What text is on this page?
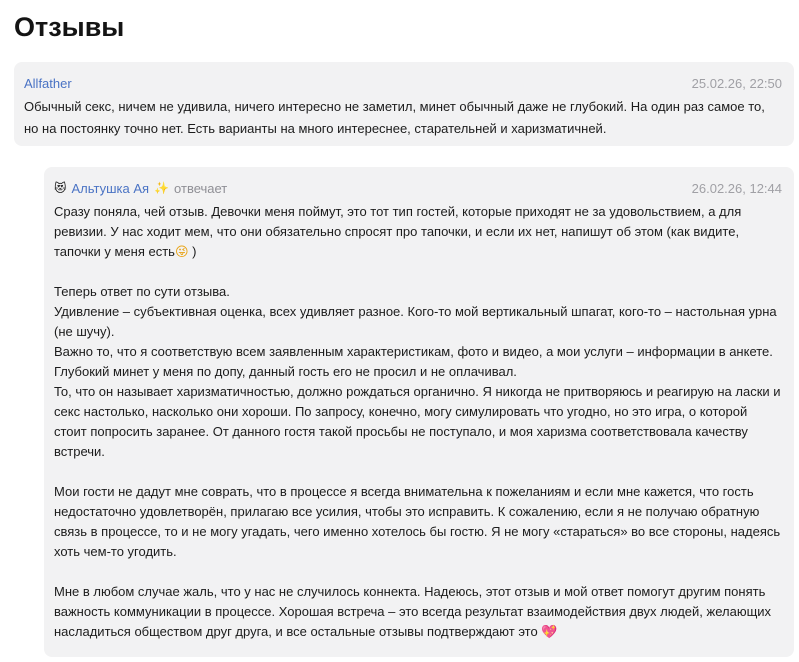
Отзывы
Allfather	25.02.26, 22:50
Обычный секс, ничем не удивила, ничего интересно не заметил, минет обычный даже не глубокий. На один раз самое то, но на постоянку точно нет. Есть варианты на много интереснее, старательней и харизматичней.
😻 Альтушка Ая ✨ отвечает	26.02.26, 12:44

Сразу поняла, чей отзыв. Девочки меня поймут, это тот тип гостей, которые приходят не за удовольствием, а для ревизии. У нас ходит мем, что они обязательно спросят про тапочки, и если их нет, напишут об этом (как видите, тапочки у меня есть😜 )

Теперь ответ по сути отзыва.

Удивление – субъективная оценка, всех удивляет разное. Кого-то мой вертикальный шпагат, кого-то – настольная урна (не шучу).

Важно то, что я соответствую всем заявленным характеристикам, фото и видео, а мои услуги – информации в анкете.

Глубокий минет у меня по допу, данный гость его не просил и не оплачивал.

То, что он называет харизматичностью, должно рождаться органично. Я никогда не притворяюсь и реагирую на ласки и секс настолько, насколько они хороши. По запросу, конечно, могу симулировать что угодно, но это игра, о которой стоит попросить заранее. От данного гостя такой просьбы не поступало, и моя харизма соответствовала качеству встречи.

Мои гости не дадут мне соврать, что в процессе я всегда внимательна к пожеланиям и если мне кажется, что гость недостаточно удовлетворён, прилагаю все усилия, чтобы это исправить. К сожалению, если я не получаю обратную связь в процессе, то и не могу угадать, чего именно хотелось бы гостю. Я не могу «стараться» во все стороны, надеясь хоть чем-то угодить.

Мне в любом случае жаль, что у нас не случилось коннекта. Надеюсь, этот отзыв и мой ответ помогут другим понять важность коммуникации в процессе. Хорошая встреча – это всегда результат взаимодействия двух людей, желающих насладиться обществом друг друга, и все остальные отзывы подтверждают это 💖
